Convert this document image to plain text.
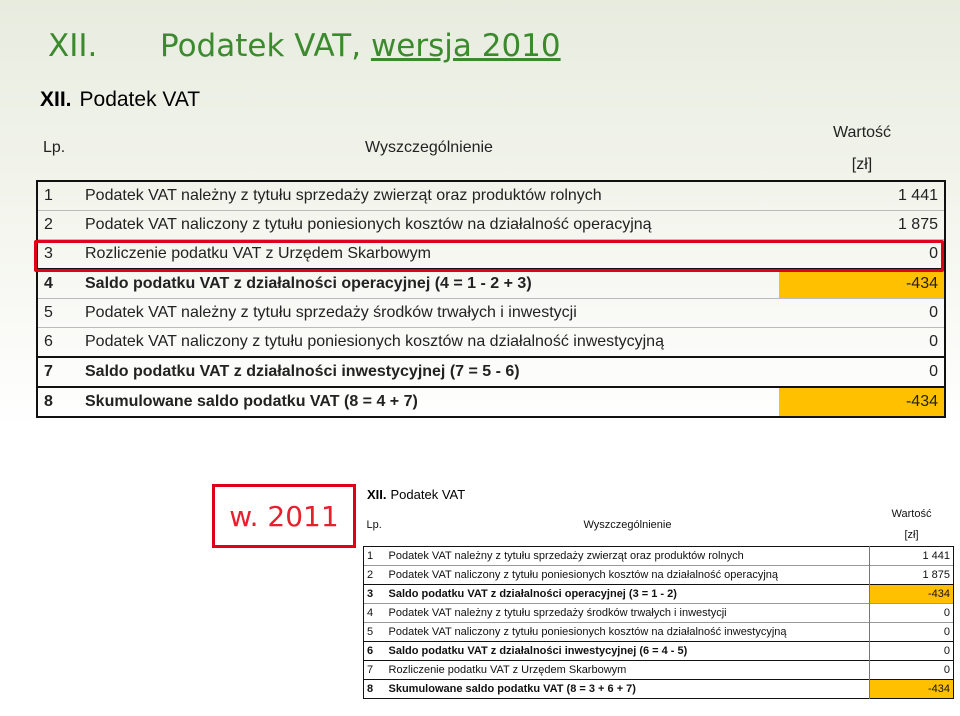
XII. Podatek VAT, wersja 2010
XII. Podatek VAT
Lp.	Wyszczególnienie	Wartość
		[zł]
1	Podatek VAT należny z tytułu sprzedaży zwierząt oraz produktów rolnych	1 441
2	Podatek VAT naliczony z tytułu poniesionych kosztów na działalność operacyjną	1 875
3	Rozliczenie podatku VAT z Urzędem Skarbowym	0
4	Saldo podatku VAT z działalności operacyjnej (4 = 1 - 2 + 3)	-434
5	Podatek VAT należny z tytułu sprzedaży środków trwałych i inwestycji	0
6	Podatek VAT naliczony z tytułu poniesionych kosztów na działalność inwestycyjną	0
7	Saldo podatku VAT z działalności inwestycyjnej (7 = 5 - 6)	0
8	Skumulowane saldo podatku VAT (8 = 4 + 7)	-434
w. 2011
XII. Podatek VAT
Lp.	Wyszczególnienie	Wartość
		[zł]
1	Podatek VAT należny z tytułu sprzedaży zwierząt oraz produktów rolnych	1 441
2	Podatek VAT naliczony z tytułu poniesionych kosztów na działalność operacyjną	1 875
3	Saldo podatku VAT z działalności operacyjnej (3 = 1 - 2)	-434
4	Podatek VAT należny z tytułu sprzedaży środków trwałych i inwestycji	0
5	Podatek VAT naliczony z tytułu poniesionych kosztów na działalność inwestycyjną	0
6	Saldo podatku VAT z działalności inwestycyjnej (6 = 4 - 5)	0
7	Rozliczenie podatku VAT z Urzędem Skarbowym	0
8	Skumulowane saldo podatku VAT (8 = 3 + 6 + 7)	-434
